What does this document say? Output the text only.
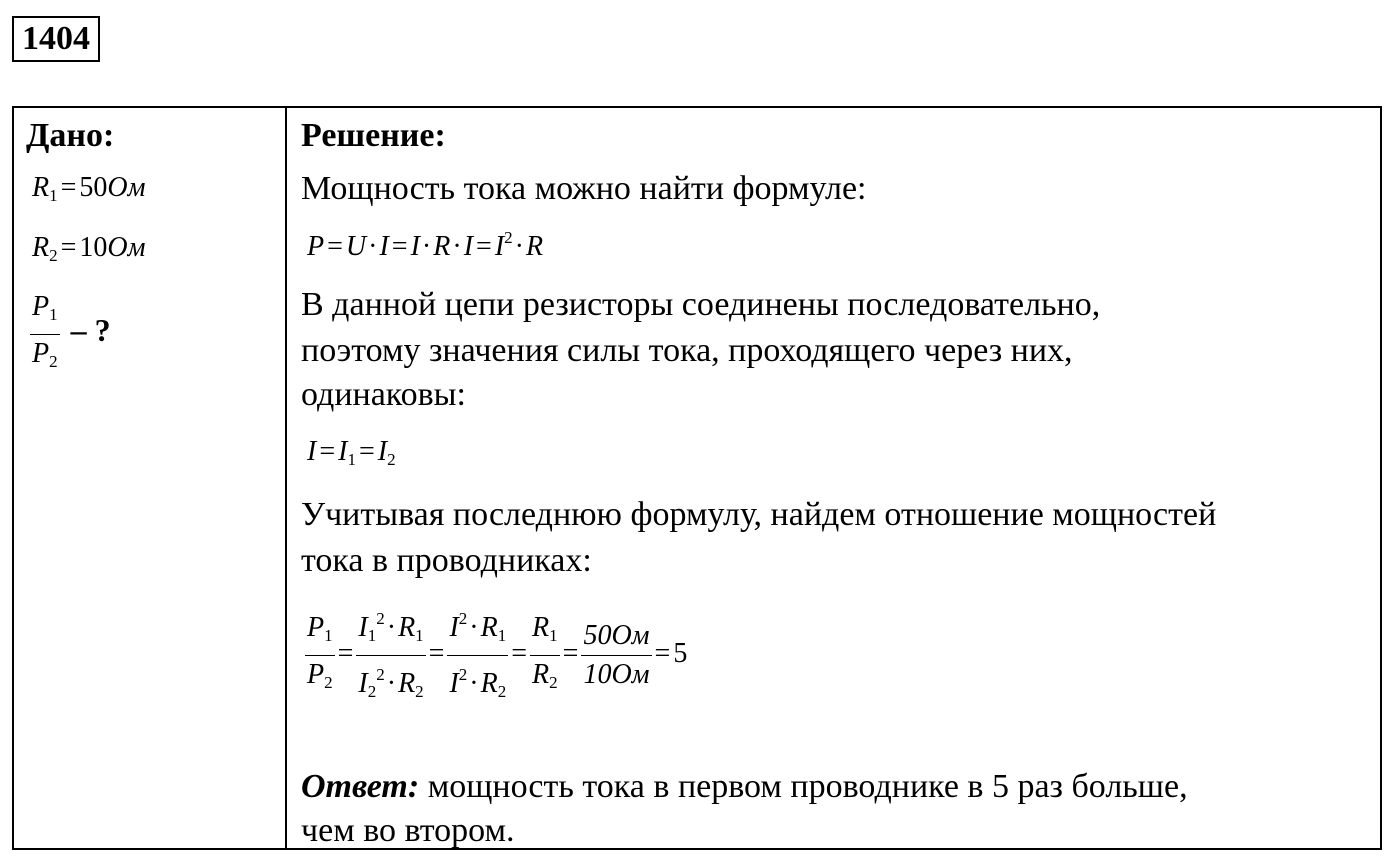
1404
Дано:
$R_1 = 50Ом$
$R_2 = 10Ом$
$\frac{P_1}{P_2}$ – ?
Решение:
Мощность тока можно найти формуле:
$P = U\cdot I = I\cdot R\cdot I = I^2\cdot R$
В данной цепи резисторы соединены последовательно,
поэтому значения силы тока, проходящего через них,
одинаковы:
$I = I_1 = I_2$
Учитывая последнюю формулу, найдем отношение мощностей
тока в проводниках:
$\frac{P_1}{P_2} = \frac{I_1^2\cdot R_1}{I_2^2\cdot R_2} = \frac{I^2\cdot R_1}{I^2\cdot R_2} = \frac{R_1}{R_2} = \frac{50Ом}{10Ом} = 5$
Ответ: мощность тока в первом проводнике в 5 раз больше,
чем во втором.
